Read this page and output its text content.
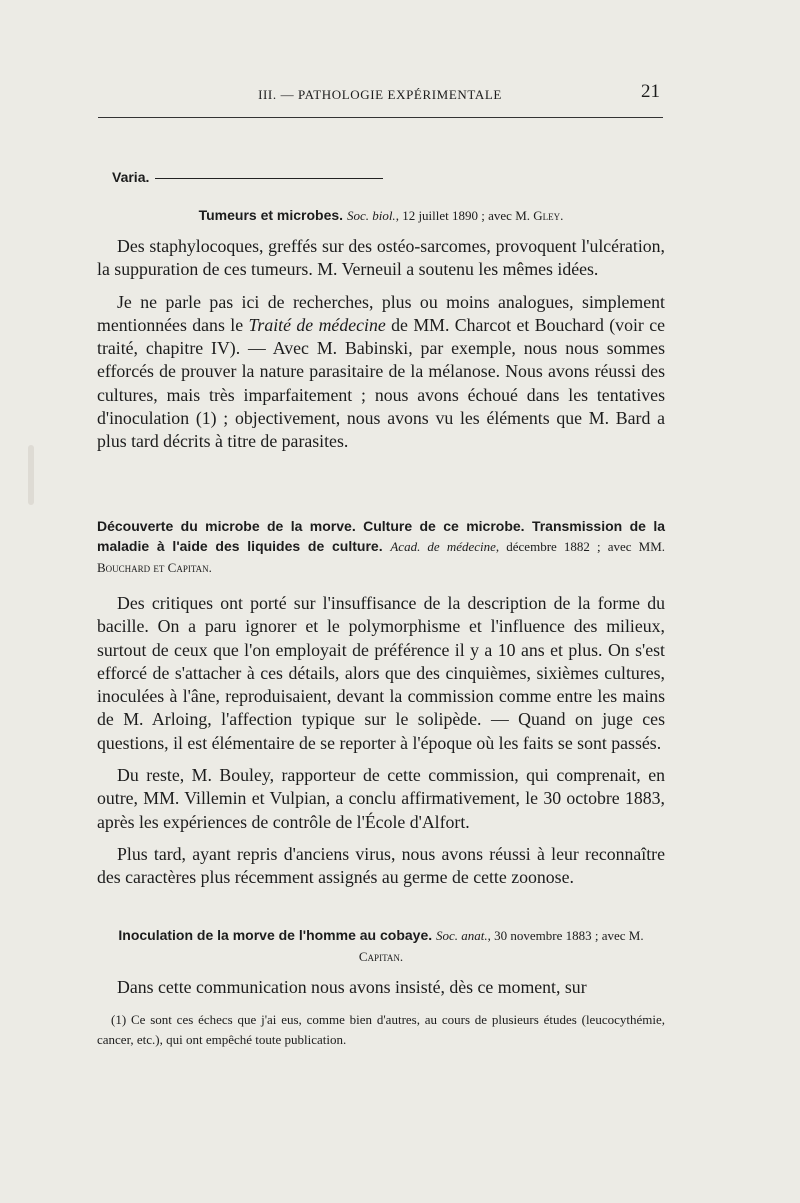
III. — PATHOLOGIE EXPÉRIMENTALE	21
Varia.
Tumeurs et microbes. Soc. biol., 12 juillet 1890 ; avec M. Gley.

Des staphylocoques, greffés sur des ostéo-sarcomes, provoquent l'ulcération, la suppuration de ces tumeurs. M. Verneuil a soutenu les mêmes idées.

Je ne parle pas ici de recherches, plus ou moins analogues, simplement mentionnées dans le Traité de médecine de MM. Charcot et Bouchard (voir ce traité, chapitre IV). — Avec M. Babinski, par exemple, nous nous sommes efforcés de prouver la nature parasitaire de la mélanose. Nous avons réussi des cultures, mais très imparfaitement ; nous avons échoué dans les tentatives d'inoculation (1) ; objectivement, nous avons vu les éléments que M. Bard a plus tard décrits à titre de parasites.

Découverte du microbe de la morve. Culture de ce microbe. Transmission de la maladie à l'aide des liquides de culture. Acad. de médecine, décembre 1882 ; avec MM. Bouchard et Capitan.

Des critiques ont porté sur l'insuffisance de la description de la forme du bacille. On a paru ignorer et le polymorphisme et l'influence des milieux, surtout de ceux que l'on employait de préférence il y a 10 ans et plus. On s'est efforcé de s'attacher à ces détails, alors que des cinquièmes, sixièmes cultures, inoculées à l'âne, reproduisaient, devant la commission comme entre les mains de M. Arloing, l'affection typique sur le solipède. — Quand on juge ces questions, il est élémentaire de se reporter à l'époque où les faits se sont passés.

Du reste, M. Bouley, rapporteur de cette commission, qui comprenait, en outre, MM. Villemin et Vulpian, a conclu affirmativement, le 30 octobre 1883, après les expériences de contrôle de l'École d'Alfort.

Plus tard, ayant repris d'anciens virus, nous avons réussi à leur reconnaître des caractères plus récemment assignés au germe de cette zoonose.

Inoculation de la morve de l'homme au cobaye. Soc. anat., 30 novembre 1883 ; avec M. Capitan.

Dans cette communication nous avons insisté, dès ce moment, sur

(1) Ce sont ces échecs que j'ai eus, comme bien d'autres, au cours de plusieurs études (leucocythémie, cancer, etc.), qui ont empêché toute publication.
